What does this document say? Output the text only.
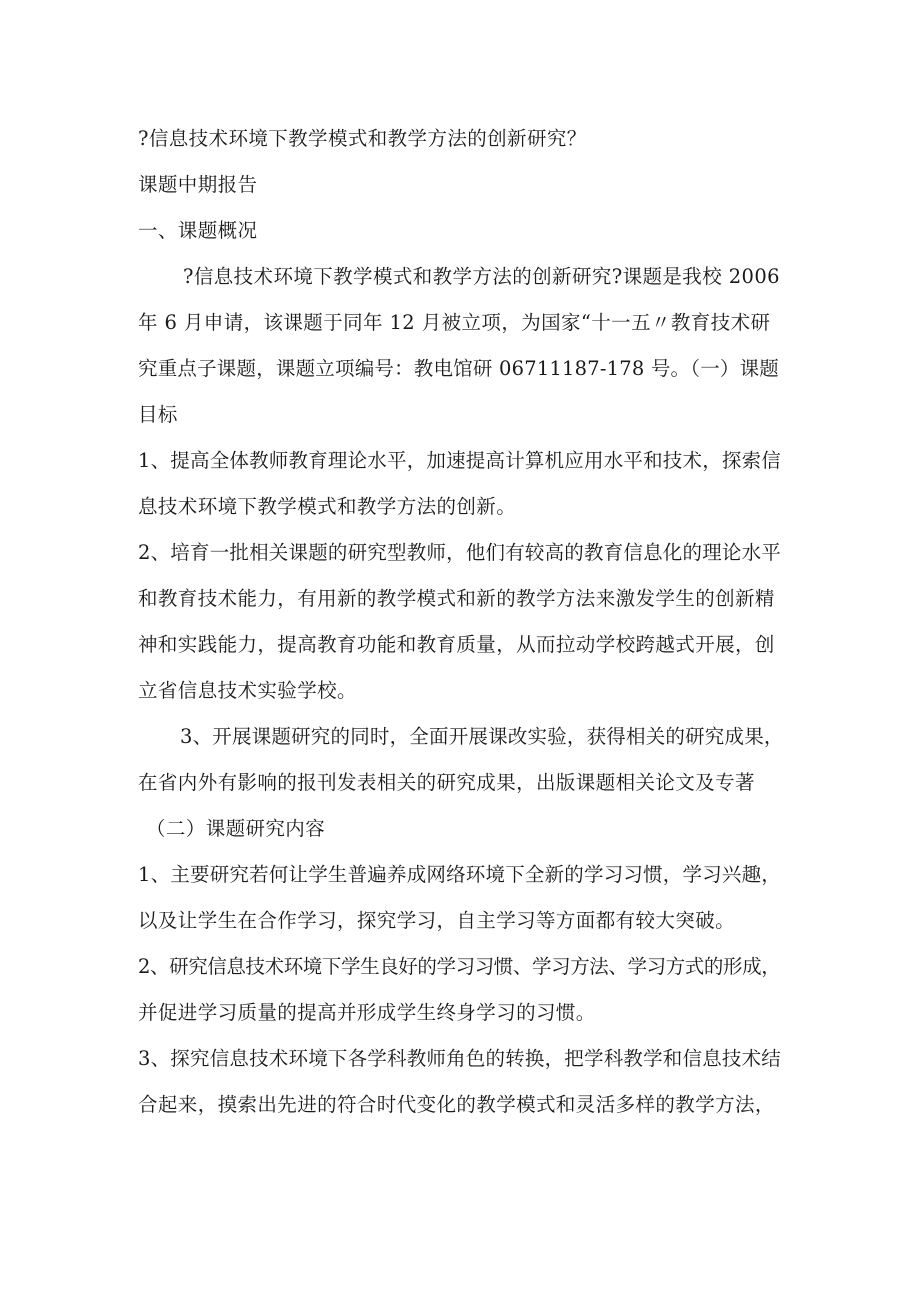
?信息技术环境下教学模式和教学方法的创新研究？

课题中期报告

一、课题概况

?信息技术环境下教学模式和教学方法的创新研究?课题是我校 2006

年 6 月申请，该课题于同年 12 月被立项，为国家“十一五〃教育技术研

究重点子课题，课题立项编号：教电馆研 06711187-178 号。（一）课题

目标

1、提高全体教师教育理论水平，加速提高计算机应用水平和技术，探索信

息技术环境下教学模式和教学方法的创新。

2、培育一批相关课题的研究型教师，他们有较高的教育信息化的理论水平

和教育技术能力，有用新的教学模式和新的教学方法来激发学生的创新精

神和实践能力，提高教育功能和教育质量，从而拉动学校跨越式开展，创

立省信息技术实验学校。

3、开展课题研究的同时，全面开展课改实验，获得相关的研究成果，

在省内外有影响的报刊发表相关的研究成果，出版课题相关论文及专著

（二）课题研究内容

1、主要研究若何让学生普遍养成网络环境下全新的学习习惯，学习兴趣，

以及让学生在合作学习，探究学习，自主学习等方面都有较大突破。

2、研究信息技术环境下学生良好的学习习惯、学习方法、学习方式的形成，

并促进学习质量的提高并形成学生终身学习的习惯。

3、探究信息技术环境下各学科教师角色的转换，把学科教学和信息技术结

合起来，摸索出先进的符合时代变化的教学模式和灵活多样的教学方法，
